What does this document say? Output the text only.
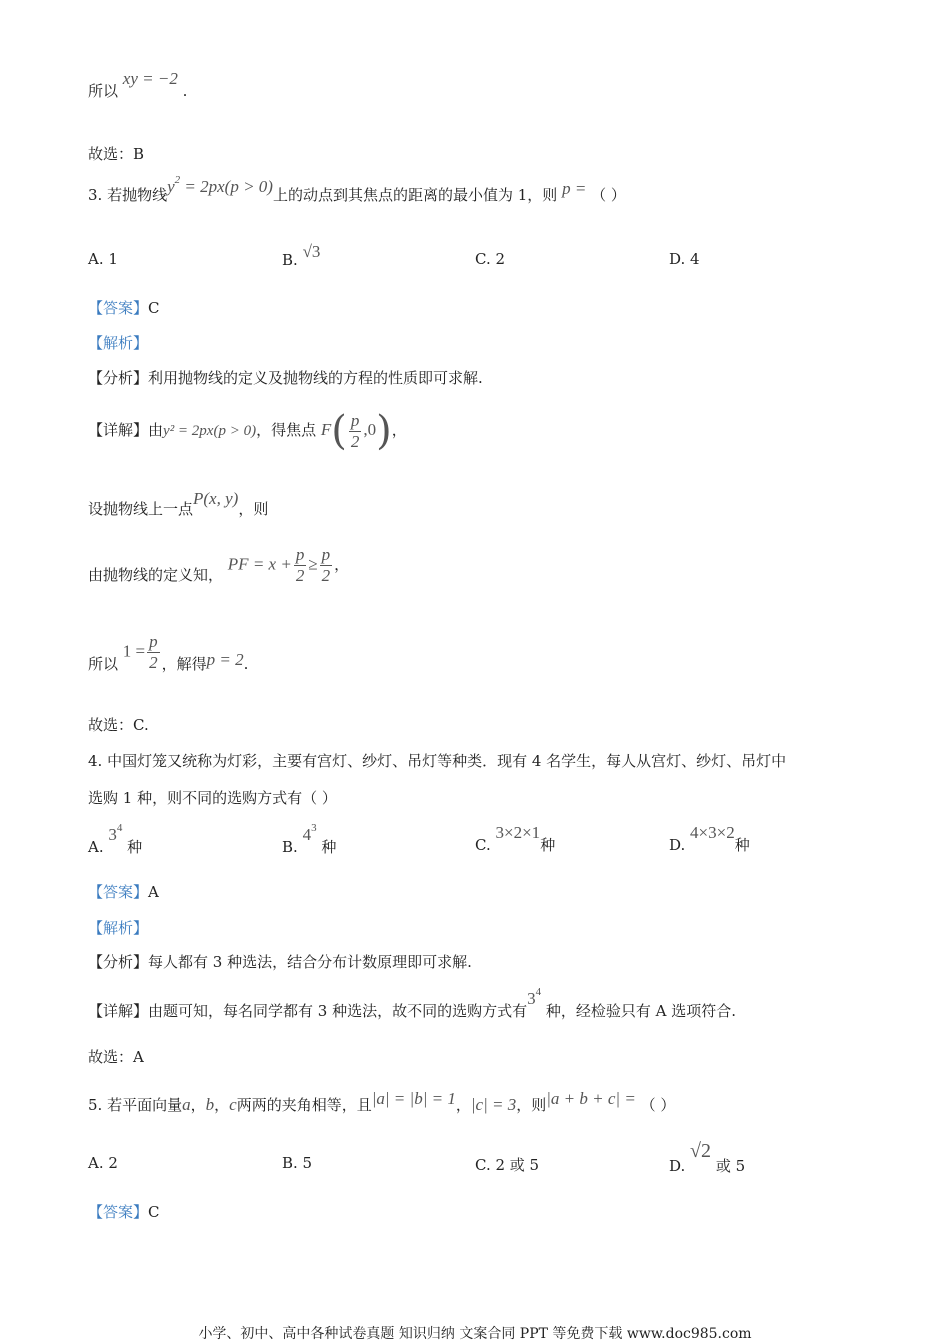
所以 xy = −2 .
故选：B
3. 若抛物线$y^2 = 2px(p > 0)$上的动点到其焦点的距离的最小值为 1，则 p = （ ）
A. 1	B. √3	C. 2	D. 4
【答案】C
【解析】
【分析】利用抛物线的定义及抛物线的方程的性质即可求解.
【详解】由y² = 2px(p > 0)，得焦点 $F( \frac{p}{2} ,0)$，
设抛物线上一点P(x, y)，则
由抛物线的定义知， PF = $x + \frac{p}{2} \ge \frac{p}{2}$ ，
所以 $1 = \frac{p}{2}$ ，解得p = 2.
故选：C.
4. 中国灯笼又统称为灯彩，主要有宫灯、纱灯、吊灯等种类．现有 4 名学生，每人从宫灯、纱灯、吊灯中
选购 1 种，则不同的选购方式有（ ）
A. $3^4$ 种	B. $4^3$ 种	C. 3×2×1种	D. 4×3×2种
【答案】A
【解析】
【分析】每人都有 3 种选法，结合分布计数原理即可求解.
【详解】由题可知，每名同学都有 3 种选法，故不同的选购方式有$3^4$ 种，经检验只有 A 选项符合.
故选：A
5. 若平面向量a，b，c两两的夹角相等，且|a| = |b| = 1，|c| = 3，则|a + b + c| = （ ）
A. 2	B. 5	C. 2 或 5	D. √2 或 5
【答案】C
小学、初中、高中各种试卷真题 知识归纳 文案合同 PPT 等免费下载 www.doc985.com
